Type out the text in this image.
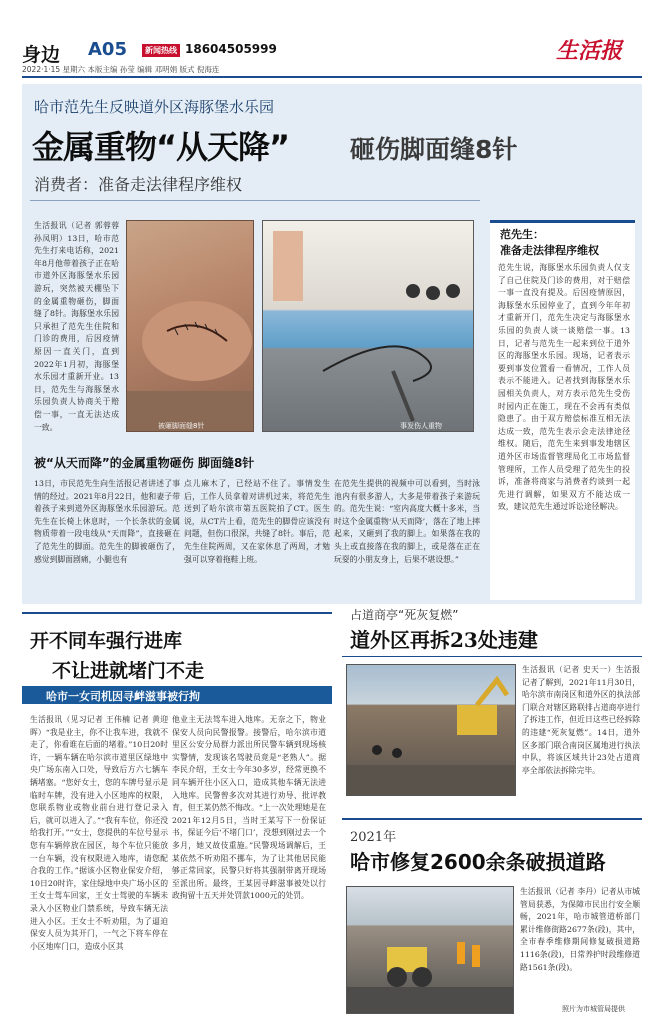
身边 A05	新闻热线 18604505999	生活报
2022·1·15 星期六 本版主编 孙莹 编辑 邓明娟 版式 倪海连
哈市范先生反映道外区海豚堡水乐园
金属重物“从天降” 砸伤脚面缝8针
消费者：准备走法律程序维权
生活报讯（记者 郭蓉蓉 孙凤明）13日，哈市范先生打来电话称，2021年8月他带着孩子正在哈市道外区海豚堡水乐园游玩，突然被天棚坠下的金属重物砸伤，脚面缝了8针。海豚堡水乐园只承担了范先生住院和门诊的费用，后因疫情原因一直关门，直到2022年1月初，海豚堡水乐园才重新开业。13日，范先生与海豚堡水乐园负责人协商关于赔偿一事，一直无法达成一致。	被砸脚面缝8针	事发伤人重物
被“从天而降”的金属重物砸伤 脚面缝8针
13日，市民范先生向生活报记者讲述了事情的经过。2021年8月22日，他和妻子带着孩子来到道外区海豚堡水乐园游玩。范先生在长椅上休息时，一个长条状的金属物质带着一段电线从“天而降”，直接砸在了范先生的脚面。范先生的脚被砸伤了，感觉到脚面剧痛，小腿也有
点儿麻木了，已经站不住了。事情发生后，工作人员拿着对讲机过来，将范先生送到了哈尔滨市第五医院拍了CT。医生说，从CT片上看，范先生的脚骨应该没有问题，但伤口很深，共缝了8针。事后，范先生住院两周，又在家休息了两周，才勉强可以穿着拖鞋上班。
在范先生提供的视频中可以看到，当时泳池内有很多游人，大多是带着孩子来游玩的。范先生说：“室内高度大概十多米，当时这个金属重物‘从天而降’，落在了地上摔起来，又砸到了我的脚上。如果落在我的头上或直接落在我的脚上，或是落在正在玩耍的小朋友身上，后果不堪设想。”
范先生：
准备走法律程序维权
范先生说，海豚堡水乐园负责人仅支了自己住院及门诊的费用，对于赔偿一事一直没有提及。后因疫情原因，海豚堡水乐园停业了，直到今年年初才重新开门，范先生决定与海豚堡水乐园的负责人谈一谈赔偿一事。13日，记者与范先生一起来到位于道外区的海豚堡水乐园。现场，记者表示要到事发位置看一看情况，工作人员表示不能进入。记者找到海豚堡水乐园相关负责人，对方表示范先生受伤时园内正在施工，现在不会再有类似隐患了。由于双方赔偿标准互相无法达成一致，范先生表示会走法律途径维权。随后，范先生来到事发地辖区道外区市场监督管理局化工市场监督管理所，工作人员受理了范先生的投诉，准备将商家与消费者约谈到一起先进行调解，如果双方不能达成一致，建议范先生通过诉讼途径解决。
开不同车强行进库
不让进就堵门不走
哈市一女司机因寻衅滋事被行拘
生活报讯（见习记者 王伟楠 记者 黄迎晖）“我是业主，你不让我车进，我就不走了，你看谁在后面的堵着。”10日20时许，一辆车辆在哈尔滨市道里区绿地中央广场东南入口处，导致后方六七辆车辆堵塞。“您好女士，您的车牌号显示是临时车牌，没有进入小区地库的权限，您联系物业或物业前台进行登记录入后，就可以进入了。”“我有车位，你还没给我打开。”“女士，您提供的车位号显示您有车辆停放在园区，每个车位只能放一台车辆，没有权限进入地库，请您配合我的工作。”据该小区物业保安介绍，10日20时许，家住绿地中央广场小区的王女士驾车回家，王女士驾驶的车辆未录入小区物业门禁系统，导致车辆无法进入小区。王女士不听劝阻，为了逼迫保安人员为其开门，一气之下将车停在小区地库门口，造成小区其
他业主无法驾车进入地库。无奈之下，物业保安人员向民警报警。接警后，哈尔滨市道里区公安分局群力派出所民警车辆到现场核实警情，发现该名驾驶员竟是“老熟人”。据李民介绍，王女士今年30多岁，经常更换不同车辆开往小区入口，造成其他车辆无法进入地库。民警曾多次对其进行劝导、批评教育，但王某仍然不悔改。“上一次处理她是在2021年12月5日，当时王某写下一份保证书，保证今后‘不堵门口’，没想到刚过去一个多月，她又故伎重施。”民警现场调解后，王某依然不听劝阻不挪车，为了让其他居民能够正常回家，民警只好将其强制带离开现场至派出所。最终，王某因寻衅滋事被处以行政拘留十五天并处罚款1000元的处罚。
占道商亭“死灰复燃”
道外区再拆23处违建
生活报讯（记者 史天一）生活报记者了解到，2021年11月30日，哈尔滨市南岗区和道外区的执法部门联合对辖区路联排占道商亭进行了拆违工作，但近日这些已经拆除的违建“死灰复燃”。14日，道外区多部门联合南岗区属地进行执法中队，将该区域共计23处占道商亭全部依法拆除完毕。
2021年
哈市修复2600余条破损道路
生活报讯（记者 李丹）记者从市城管局获悉，为保障市民出行安全顺畅，2021年，哈市城管道桥部门累计维修街路2677条(段)，其中，全市春季维修期间修复破损道路1116条(段)，日常养护时段维修道路1561条(段)。
照片为市城管局提供
